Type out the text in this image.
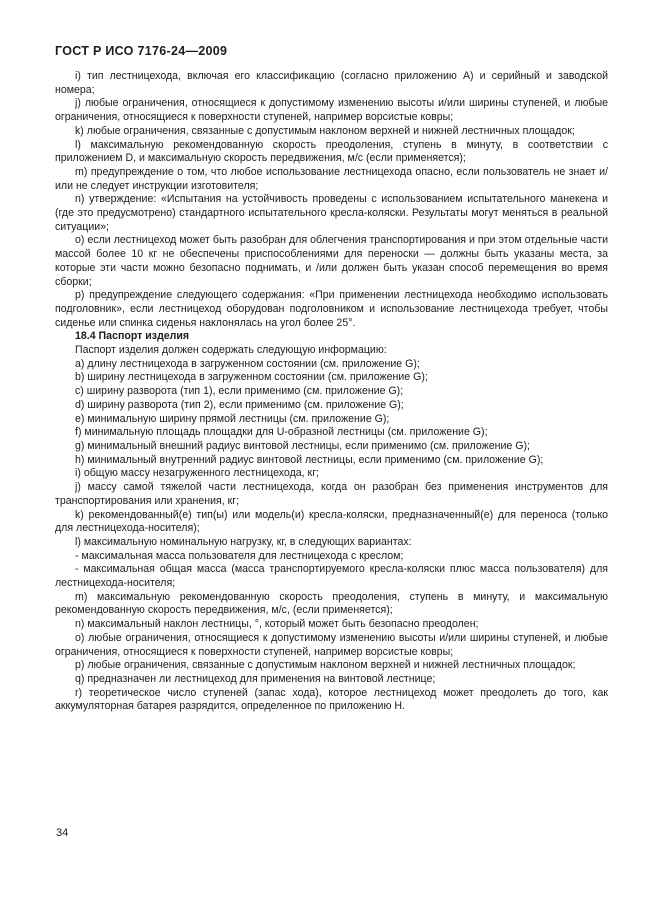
ГОСТ Р ИСО 7176-24—2009

i) тип лестницехода, включая его классификацию (согласно приложению А) и серийный и заводской номера;

j) любые ограничения, относящиеся к допустимому изменению высоты и/или ширины ступеней, и любые ограничения, относящиеся к поверхности ступеней, например ворсистые ковры;

k) любые ограничения, связанные с допустимым наклоном верхней и нижней лестничных площадок;

l) максимальную рекомендованную скорость преодоления, ступень в минуту, в соответствии с приложением D, и максимальную скорость передвижения, м/с (если применяется);

m) предупреждение о том, что любое использование лестницехода опасно, если пользователь не знает и/или не следует инструкции изготовителя;

n) утверждение: «Испытания на устойчивость проведены с использованием испытательного манекена и (где это предусмотрено) стандартного испытательного кресла-коляски. Результаты могут меняться в реальной ситуации»;

o) если лестницеход может быть разобран для облегчения транспортирования и при этом отдельные части массой более 10 кг не обеспечены приспособлениями для переноски — должны быть указаны места, за которые эти части можно безопасно поднимать, и /или должен быть указан способ перемещения во время сборки;

p) предупреждение следующего содержания: «При применении лестницехода необходимо использовать подголовник», если лестницеход оборудован подголовником и использование лестницехода требует, чтобы сиденье или спинка сиденья наклонялась на угол более 25°.

18.4 Паспорт изделия

Паспорт изделия должен содержать следующую информацию:

a) длину лестницехода в загруженном состоянии (см. приложение G);

b) ширину лестницехода в загруженном состоянии (см. приложение G);

c) ширину разворота (тип 1), если применимо (см. приложение G);

d) ширину разворота (тип 2), если применимо (см. приложение G);

e) минимальную ширину прямой лестницы (см. приложение G);

f) минимальную площадь площадки для U-образной лестницы (см. приложение G);

g) минимальный внешний радиус винтовой лестницы, если применимо (см. приложение G);

h) минимальный внутренний радиус винтовой лестницы, если применимо (см. приложение G);

i) общую массу незагруженного лестницехода, кг;

j) массу самой тяжелой части лестницехода, когда он разобран без применения инструментов для транспортирования или хранения, кг;

k) рекомендованный(е) тип(ы) или модель(и) кресла-коляски, предназначенный(е) для переноса (только для лестницехода-носителя);

l) максимальную номинальную нагрузку, кг, в следующих вариантах:

- максимальная масса пользователя для лестницехода с креслом;

- максимальная общая масса (масса транспортируемого кресла-коляски плюс масса пользователя) для лестницехода-носителя;

m) максимальную рекомендованную скорость преодоления, ступень в минуту, и максимальную рекомендованную скорость передвижения, м/с, (если применяется);

n) максимальный наклон лестницы, °, который может быть безопасно преодолен;

o) любые ограничения, относящиеся к допустимому изменению высоты и/или ширины ступеней, и любые ограничения, относящиеся к поверхности ступеней, например ворсистые ковры;

p) любые ограничения, связанные с допустимым наклоном верхней и нижней лестничных площадок;

q) предназначен ли лестницеход для применения на винтовой лестнице;

r) теоретическое число ступеней (запас хода), которое лестницеход может преодолеть до того, как аккумуляторная батарея разрядится, определенное по приложению Н.

34
